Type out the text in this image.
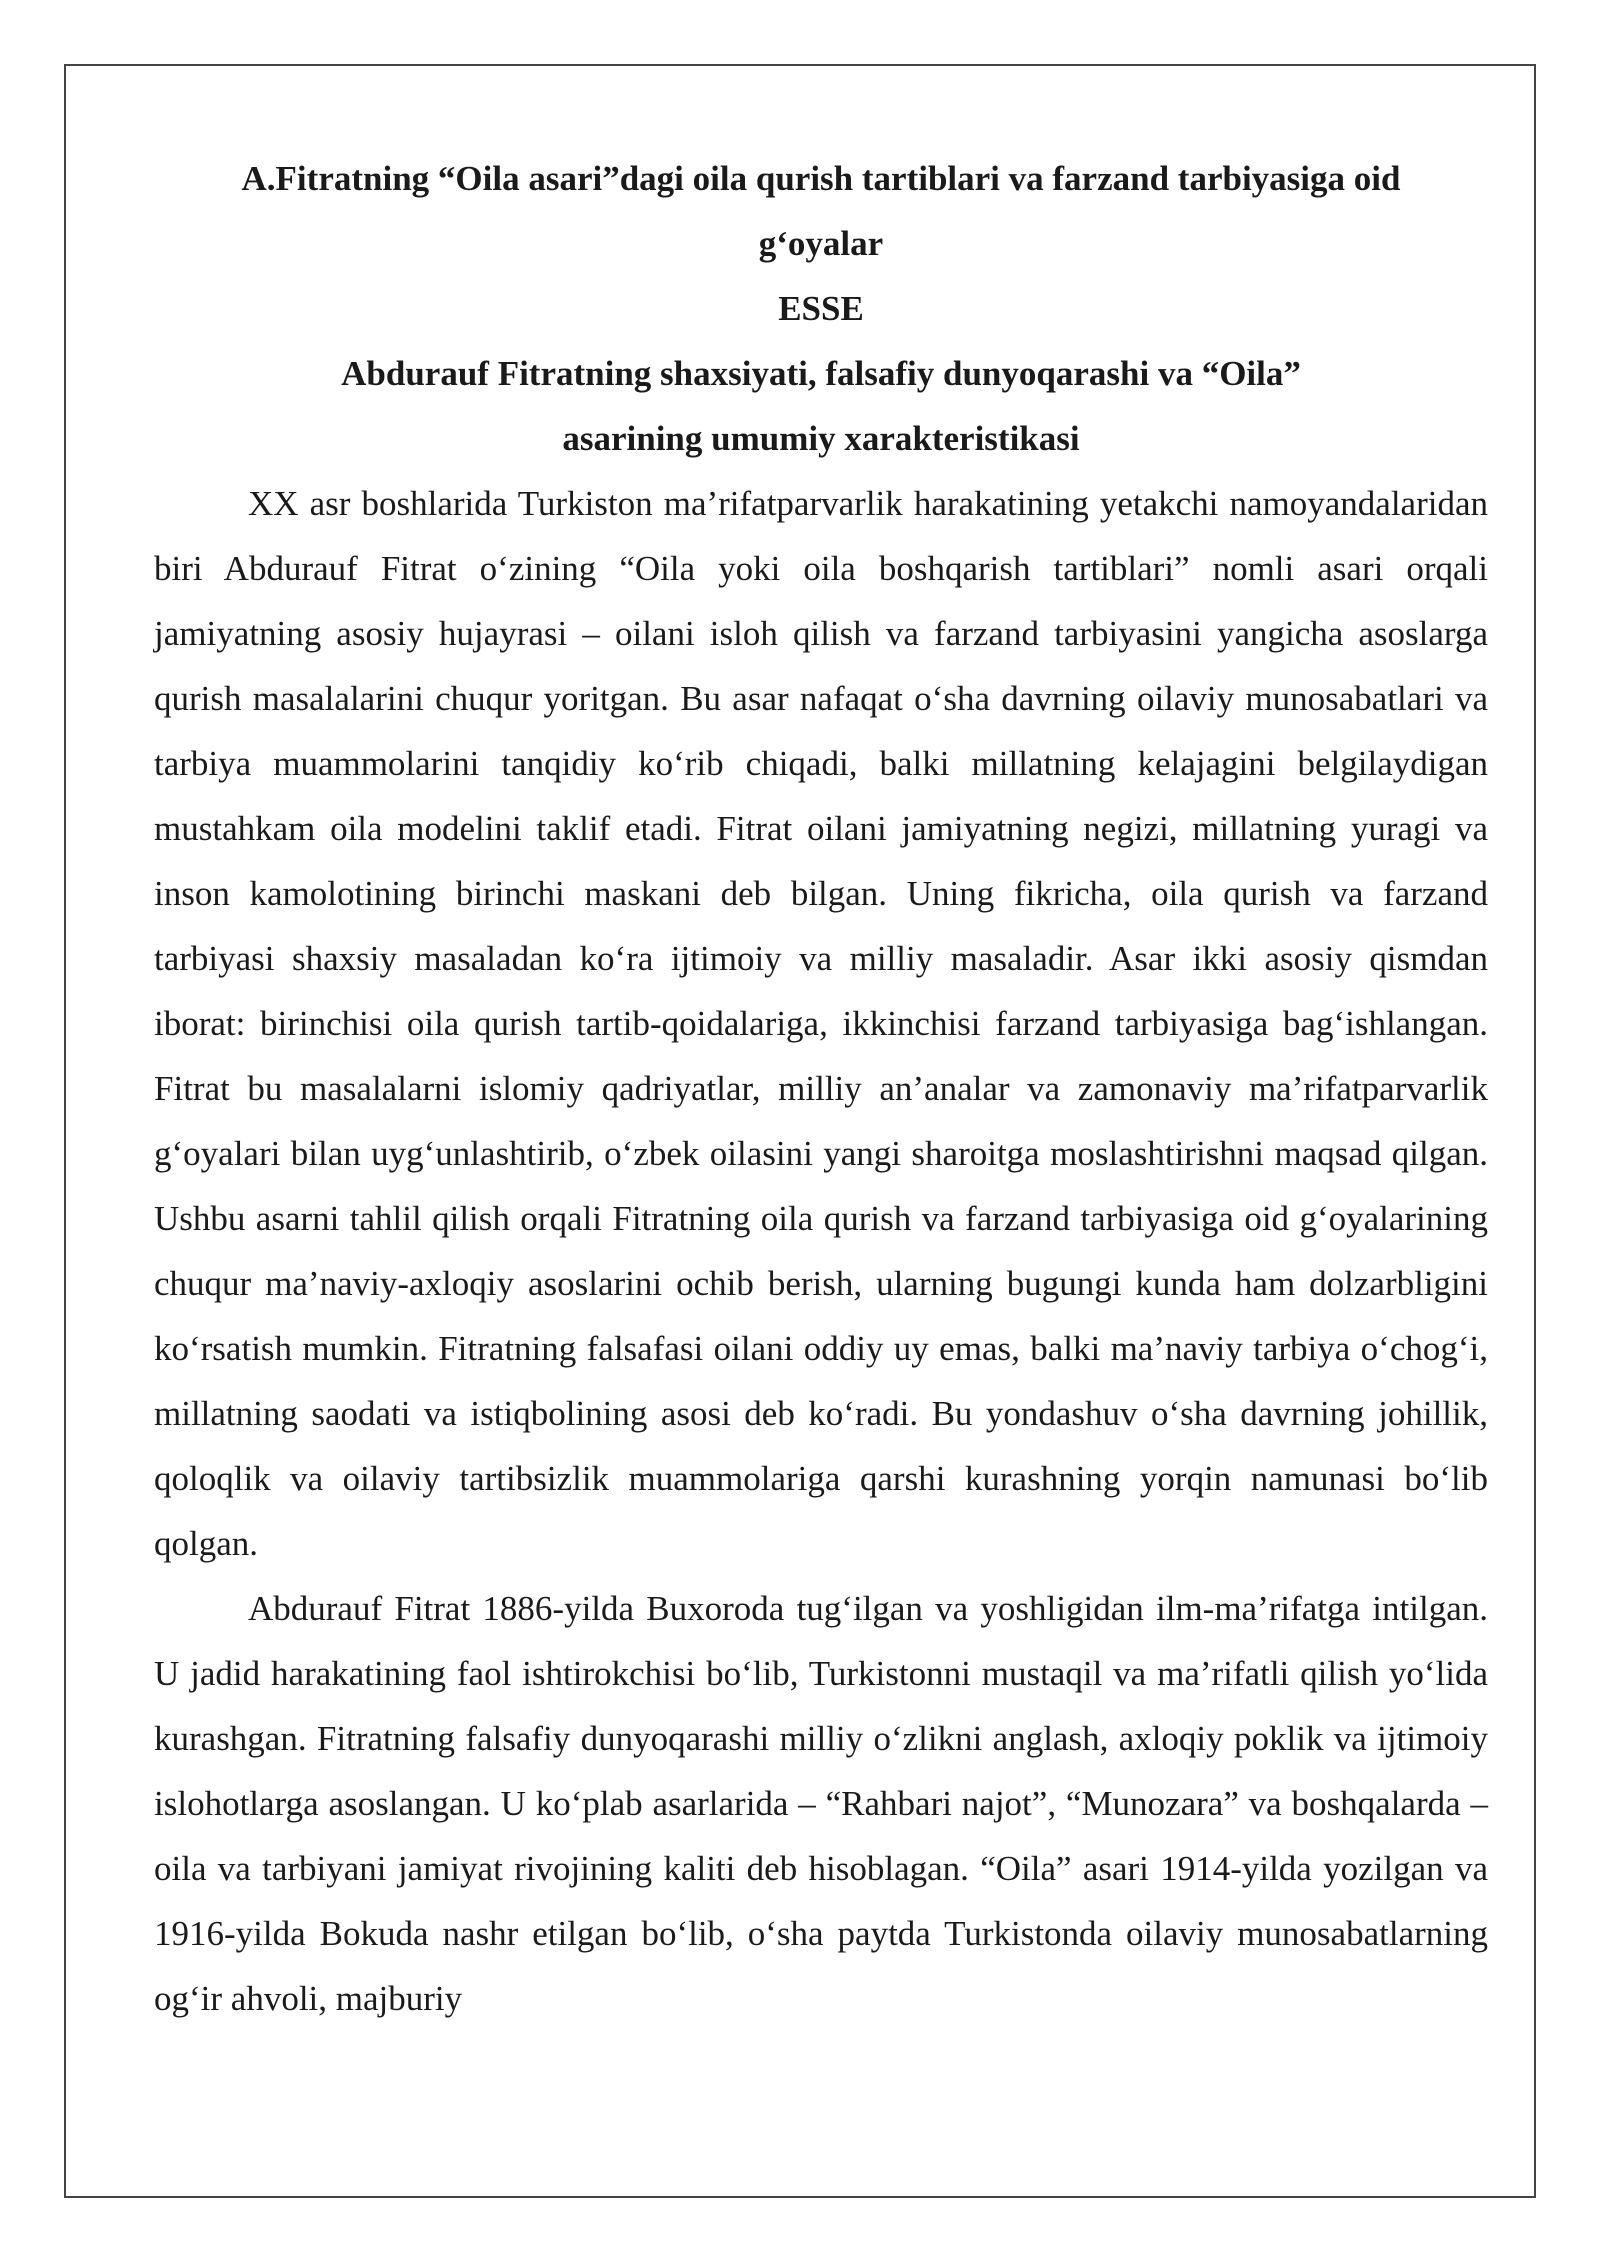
A.Fitratning “Oila asari”dagi oila qurish tartiblari va farzand tarbiyasiga oid g‘oyalar

ESSE

Abdurauf Fitratning shaxsiyati, falsafiy dunyoqarashi va “Oila” asarining umumiy xarakteristikasi

XX asr boshlarida Turkiston ma’rifatparvarlik harakatining yetakchi namoyandalaridan biri Abdurauf Fitrat o‘zining “Oila yoki oila boshqarish tartiblari” nomli asari orqali jamiyatning asosiy hujayrasi – oilani isloh qilish va farzand tarbiyasini yangicha asoslarga qurish masalalarini chuqur yoritgan. Bu asar nafaqat o‘sha davrning oilaviy munosabatlari va tarbiya muammolarini tanqidiy ko‘rib chiqadi, balki millatning kelajagini belgilaydigan mustahkam oila modelini taklif etadi. Fitrat oilani jamiyatning negizi, millatning yuragi va inson kamolotining birinchi maskani deb bilgan. Uning fikricha, oila qurish va farzand tarbiyasi shaxsiy masaladan ko‘ra ijtimoiy va milliy masaladir. Asar ikki asosiy qismdan iborat: birinchisi oila qurish tartib-qoidalariga, ikkinchisi farzand tarbiyasiga bag‘ishlangan. Fitrat bu masalalarni islomiy qadriyatlar, milliy an’analar va zamonaviy ma’rifatparvarlik g‘oyalari bilan uyg‘unlashtirib, o‘zbek oilasini yangi sharoitga moslashtirishni maqsad qilgan. Ushbu asarni tahlil qilish orqali Fitratning oila qurish va farzand tarbiyasiga oid g‘oyalarining chuqur ma’naviy-axloqiy asoslarini ochib berish, ularning bugungi kunda ham dolzarbligini ko‘rsatish mumkin. Fitratning falsafasi oilani oddiy uy emas, balki ma’naviy tarbiya o‘chog‘i, millatning saodati va istiqbolining asosi deb ko‘radi. Bu yondashuv o‘sha davrning johillik, qoloqlik va oilaviy tartibsizlik muammolariga qarshi kurashning yorqin namunasi bo‘lib qolgan.

Abdurauf Fitrat 1886-yilda Buxoroda tug‘ilgan va yoshligidan ilm-ma’rifatga intilgan. U jadid harakatining faol ishtirokchisi bo‘lib, Turkistonni mustaqil va ma’rifatli qilish yo‘lida kurashgan. Fitratning falsafiy dunyoqarashi milliy o‘zlikni anglash, axloqiy poklik va ijtimoiy islohotlarga asoslangan. U ko‘plab asarlarida – “Rahbari najot”, “Munozara” va boshqalarda – oila va tarbiyani jamiyat rivojining kaliti deb hisoblagan. “Oila” asari 1914-yilda yozilgan va 1916-yilda Bokuda nashr etilgan bo‘lib, o‘sha paytda Turkistonda oilaviy munosabatlarning og‘ir ahvoli, majburiy
